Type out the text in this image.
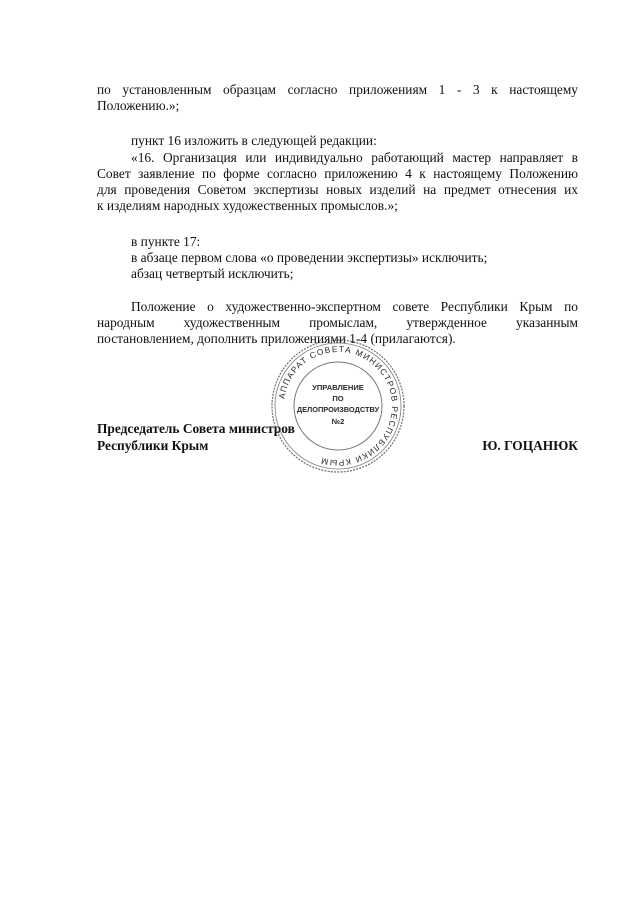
по установленным образцам согласно приложениям 1 - 3 к настоящему

Положению.»;

пункт 16 изложить в следующей редакции:

«16. Организация или индивидуально работающий мастер направляет в

Совет заявление по форме согласно приложению 4 к настоящему Положению

для проведения Советом экспертизы новых изделий на предмет отнесения их

к изделиям народных художественных промыслов.»;

в пункте 17:

в абзаце первом слова «о проведении экспертизы» исключить;

абзац четвертый исключить;

Положение о художественно-экспертном совете Республики Крым по

народным художественным промыслам, утвержденное указанным

постановлением, дополнить приложениями 1-4 (прилагаются).

Председатель Совета министров
Республики Крым	Ю. ГОЦАНЮК
АППАРАТ СОВЕТА МИНИСТРОВ РЕСПУБЛИКИ КРЫМ
УПРАВЛЕНИЕ
ПО
ДЕЛОПРОИЗВОДСТВУ
№2
